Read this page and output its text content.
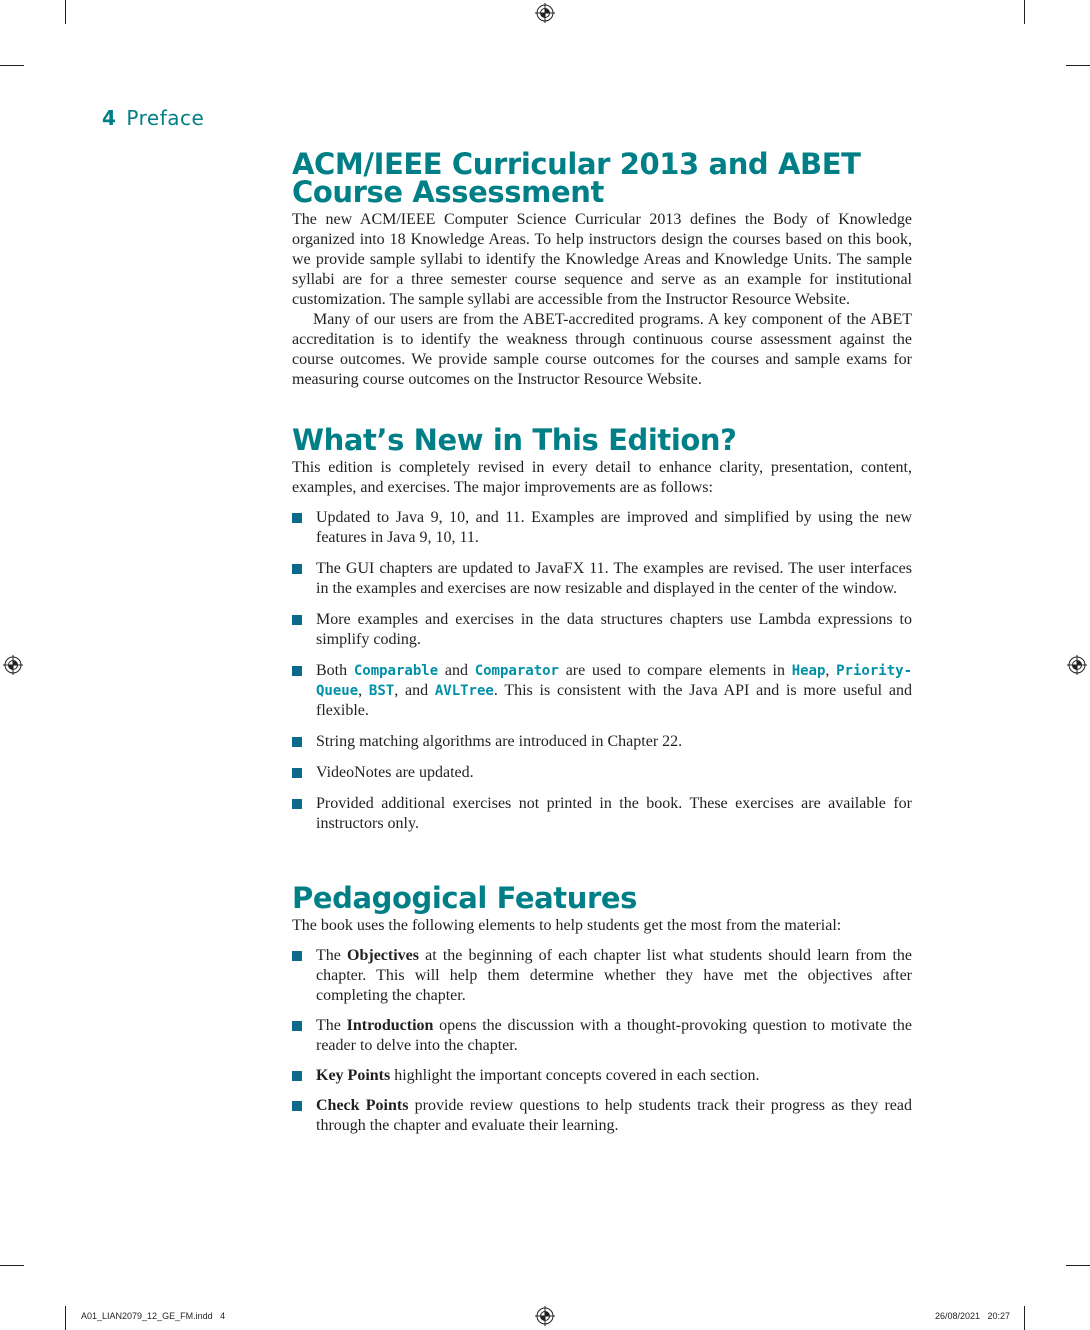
4 Preface
ACM/IEEE Curricular 2013 and ABET
Course Assessment

The new ACM/IEEE Computer Science Curricular 2013 defines the Body of Knowledge organized into 18 Knowledge Areas. To help instructors design the courses based on this book, we provide sample syllabi to identify the Knowledge Areas and Knowledge Units. The sample syllabi are for a three semester course sequence and serve as an example for institutional customization. The sample syllabi are accessible from the Instructor Resource Website.

Many of our users are from the ABET-accredited programs. A key component of the ABET accreditation is to identify the weakness through continuous course assessment against the course outcomes. We provide sample course outcomes for the courses and sample exams for measuring course outcomes on the Instructor Resource Website.

What’s New in This Edition?

This edition is completely revised in every detail to enhance clarity, presentation, content, examples, and exercises. The major improvements are as follows:

Updated to Java 9, 10, and 11. Examples are improved and simplified by using the new features in Java 9, 10, 11.
The GUI chapters are updated to JavaFX 11. The examples are revised. The user interfaces in the examples and exercises are now resizable and displayed in the center of the window.
More examples and exercises in the data structures chapters use Lambda expressions to simplify coding.
Both Comparable and Comparator are used to compare elements in Heap, Priority-Queue, BST, and AVLTree. This is consistent with the Java API and is more useful and flexible.
String matching algorithms are introduced in Chapter 22.
VideoNotes are updated.
Provided additional exercises not printed in the book. These exercises are available for instructors only.
Pedagogical Features

The book uses the following elements to help students get the most from the material:

The Objectives at the beginning of each chapter list what students should learn from the chapter. This will help them determine whether they have met the objectives after completing the chapter.
The Introduction opens the discussion with a thought-provoking question to motivate the reader to delve into the chapter.
Key Points highlight the important concepts covered in each section.
Check Points provide review questions to help students track their progress as they read through the chapter and evaluate their learning.
A01_LIAN2079_12_GE_FM.indd   4	26/08/2021   20:27
